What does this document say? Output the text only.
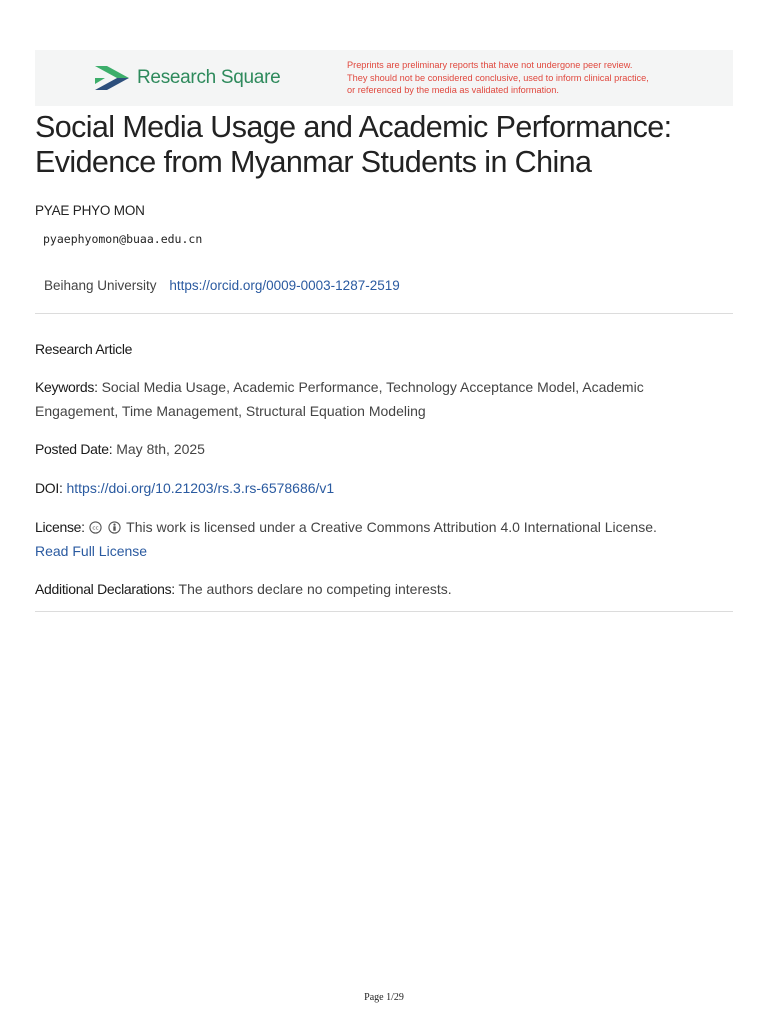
Research Square
Preprints are preliminary reports that have not undergone peer review.
They should not be considered conclusive, used to inform clinical practice,
or referenced by the media as validated information.
Social Media Usage and Academic Performance:
Evidence from Myanmar Students in China
PYAE PHYO MON
pyaephyomon@buaa.edu.cn
Beihang University https://orcid.org/0009-0003-1287-2519
Research Article
Keywords: Social Media Usage, Academic Performance, Technology Acceptance Model, Academic
Engagement, Time Management, Structural Equation Modeling
Posted Date: May 8th, 2025
DOI: https://doi.org/10.21203/rs.3.rs-6578686/v1
License: cc This work is licensed under a Creative Commons Attribution 4.0 International License.
Read Full License
Additional Declarations: The authors declare no competing interests.
Page 1/29
